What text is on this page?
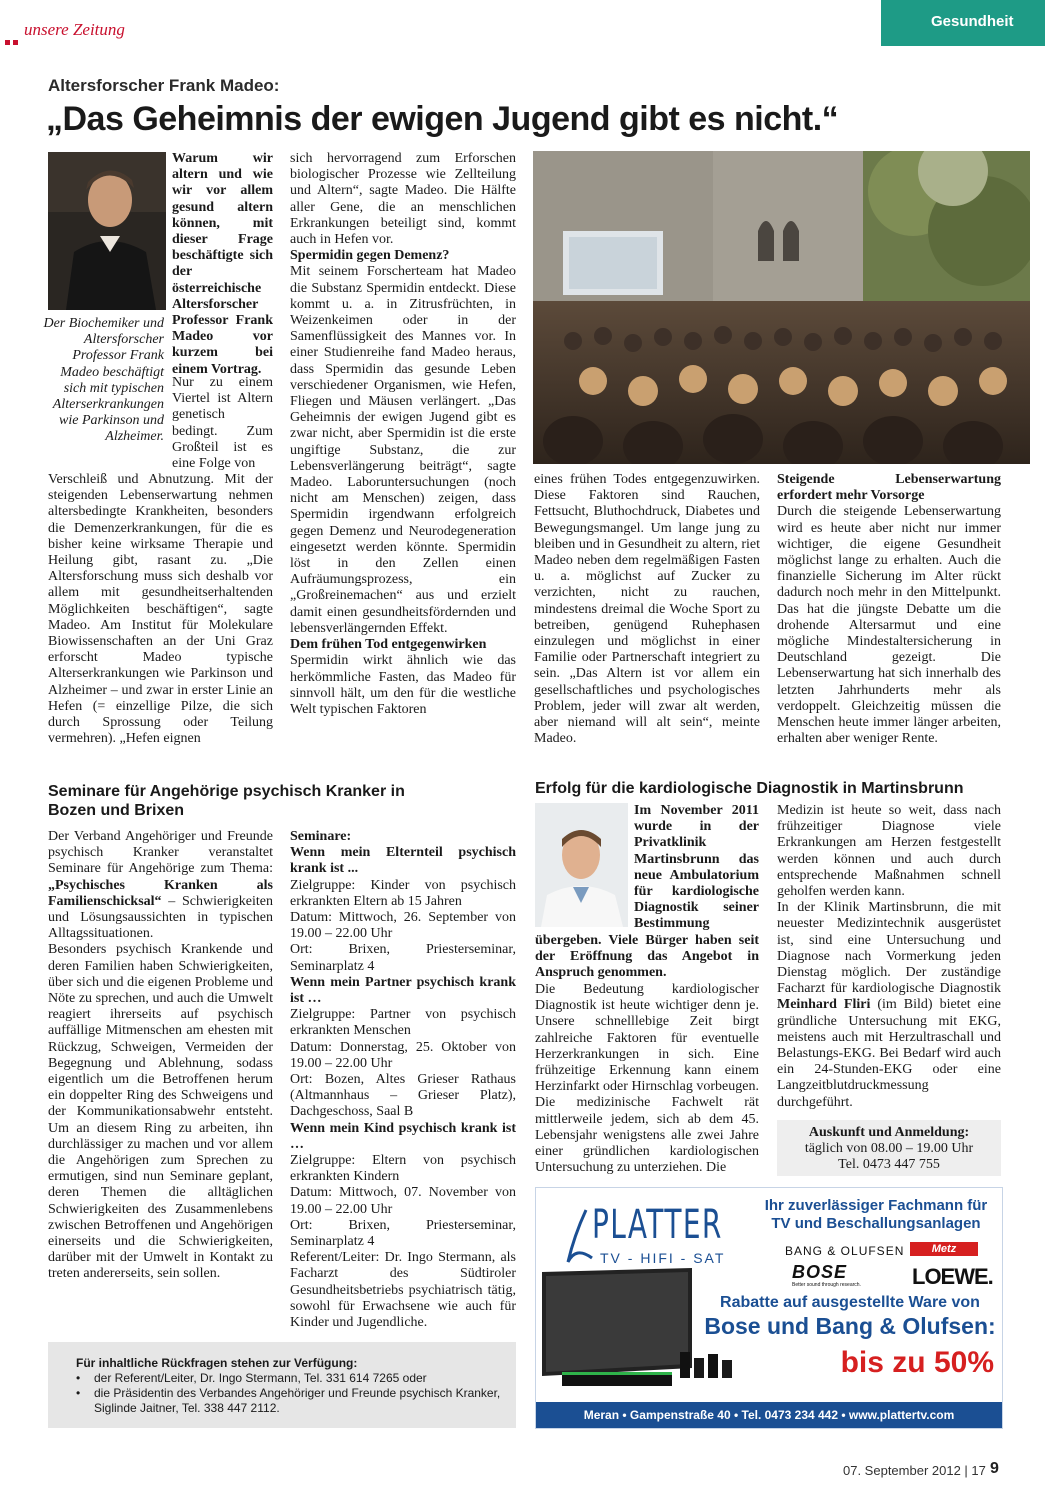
unsere Zeitung	Gesundheit
Altersforscher Frank Madeo:
„Das Geheimnis der ewigen Jugend gibt es nicht.“
Der Biochemiker und Altersforscher Professor Frank Madeo beschäftigt sich mit typischen Alterserkrankungen wie Parkinson und Alzheimer.
Warum wir altern und wie wir vor allem gesund altern können, mit dieser Frage beschäftigte sich der österreichische Altersforscher Professor Frank Madeo vor kurzem bei einem Vortrag.
Nur zu einem Viertel ist Altern genetisch bedingt. Zum Großteil ist es eine Folge von
Verschleiß und Abnutzung. Mit der steigenden Lebenserwartung nehmen altersbedingte Krankheiten, besonders die Demenzerkrankungen, für die es bisher keine wirksame Therapie und Heilung gibt, rasant zu. „Die Altersforschung muss sich deshalb vor allem mit gesundheitserhaltenden Möglichkeiten beschäftigen“, sagte Madeo. Am Institut für Molekulare Biowissenschaften an der Uni Graz erforscht Madeo typische Alterserkrankungen wie Parkinson und Alzheimer – und zwar in erster Linie an Hefen (= einzellige Pilze, die sich durch Sprossung oder Teilung vermehren). „Hefen eignen

sich hervorragend zum Erforschen biologischer Prozesse wie Zellteilung und Altern“, sagte Madeo. Die Hälfte aller Gene, die an menschlichen Erkrankungen beteiligt sind, kommt auch in Hefen vor.

Spermidin gegen Demenz?

Mit seinem Forscherteam hat Madeo die Substanz Spermidin entdeckt. Diese kommt u. a. in Zitrusfrüchten, in Weizenkeimen oder in der Samenflüssigkeit des Mannes vor. In einer Studienreihe fand Madeo heraus, dass Spermidin das gesunde Leben verschiedener Organismen, wie Hefen, Fliegen und Mäusen verlängert. „Das Geheimnis der ewigen Jugend gibt es zwar nicht, aber Spermidin ist die erste ungiftige Substanz, die zur Lebensverlängerung beiträgt“, sagte Madeo. Laboruntersuchungen (noch nicht am Menschen) zeigen, dass Spermidin irgendwann erfolgreich gegen Demenz und Neurodegeneration eingesetzt werden könnte. Spermidin löst in den Zellen einen Aufräumungsprozess, ein „Großreinemachen“ aus und erzielt damit einen gesundheitsfördernden und lebensverlängernden Effekt.

Dem frühen Tod entgegenwirken

Spermidin wirkt ähnlich wie das herkömmliche Fasten, das Madeo für sinnvoll hält, um den für die westliche Welt typischen Faktoren

eines frühen Todes entgegenzuwirken. Diese Faktoren sind Rauchen, Fettsucht, Bluthochdruck, Diabetes und Bewegungsmangel. Um lange jung zu bleiben und in Gesundheit zu altern, riet Madeo neben dem regelmäßigen Fasten u. a. möglichst auf Zucker zu verzichten, nicht zu rauchen, mindestens dreimal die Woche Sport zu betreiben, genügend Ruhephasen einzulegen und möglichst in einer Familie oder Partnerschaft integriert zu sein. „Das Altern ist vor allem ein gesellschaftliches und psychologisches Problem, jeder will zwar alt werden, aber niemand will alt sein“, meinte Madeo.

Steigende Lebenserwartung erfordert mehr Vorsorge

Durch die steigende Lebenserwartung wird es heute aber nicht nur immer wichtiger, die eigene Gesundheit möglichst lange zu erhalten. Auch die finanzielle Sicherung im Alter rückt dadurch noch mehr in den Mittelpunkt. Das hat die jüngste Debatte um die drohende Altersarmut und eine mögliche Mindestaltersicherung in Deutschland gezeigt. Die Lebenserwartung hat sich innerhalb des letzten Jahrhunderts mehr als verdoppelt. Gleichzeitig müssen die Menschen heute immer länger arbeiten, erhalten aber weniger Rente.

Seminare für Angehörige psychisch Kranker in Bozen und Brixen

Der Verband Angehöriger und Freunde psychisch Kranker veranstaltet Seminare für Angehörige zum Thema: „Psychisches Kranken als Familienschicksal“ – Schwierigkeiten und Lösungsaussichten in typischen Alltagssituationen.

Besonders psychisch Krankende und deren Familien haben Schwierigkeiten, über sich und die eigenen Probleme und Nöte zu sprechen, und auch die Umwelt reagiert ihrerseits auf psychisch auffällige Mitmenschen am ehesten mit Rückzug, Schweigen, Vermeiden der Begegnung und Ablehnung, sodass eigentlich um die Betroffenen herum ein doppelter Ring des Schweigens und der Kommunikationsabwehr entsteht. Um an diesem Ring zu arbeiten, ihn durchlässiger zu machen und vor allem die Angehörigen zum Sprechen zu ermutigen, sind nun Seminare geplant, deren Themen die alltäglichen Schwierigkeiten des Zusammenlebens zwischen Betroffenen und Angehörigen einerseits und die Schwierigkeiten, darüber mit der Umwelt in Kontakt zu treten andererseits, sein sollen.

Seminare:

Wenn mein Elternteil psychisch krank ist ...

Zielgruppe: Kinder von psychisch erkrankten Eltern ab 15 Jahren

Datum: Mittwoch, 26. September von 19.00 – 22.00 Uhr

Ort: Brixen, Priesterseminar, Seminarplatz 4

Wenn mein Partner psychisch krank ist …

Zielgruppe: Partner von psychisch erkrankten Menschen

Datum: Donnerstag, 25. Oktober von 19.00 – 22.00 Uhr

Ort: Bozen, Altes Grieser Rathaus (Altmannhaus – Grieser Platz), Dachgeschoss, Saal B

Wenn mein Kind psychisch krank ist …

Zielgruppe: Eltern von psychisch erkrankten Kindern

Datum: Mittwoch, 07. November von 19.00 – 22.00 Uhr

Ort: Brixen, Priesterseminar, Seminarplatz 4

Referent/Leiter: Dr. Ingo Stermann, als Facharzt des Südtiroler Gesundheitsbetriebs psychiatrisch tätig, sowohl für Erwachsene wie auch für Kinder und Jugendliche.

Für inhaltliche Rückfragen stehen zur Verfügung:
•	der Referent/Leiter, Dr. Ingo Stermann, Tel. 331 614 7265 oder
•	die Präsidentin des Verbandes Angehöriger und Freunde psychisch Kranker, Siglinde Jaitner, Tel. 338 447 2112.
Erfolg für die kardiologische Diagnostik in Martinsbrunn
Im November 2011 wurde in der Privatklinik Martinsbrunn das neue Ambulatorium für kardiologische Diagnostik seiner Bestimmung übergeben. Viele Bürger haben seit der Eröffnung das Angebot in Anspruch genommen.
Die Bedeutung kardiologischer Diagnostik ist heute wichtiger denn je. Unsere schnelllebige Zeit birgt zahlreiche Faktoren für eventuelle Herzerkrankungen in sich. Eine frühzeitige Erkennung kann einem Herzinfarkt oder Hirnschlag vorbeugen. Die medizinische Fachwelt rät mittlerweile jedem, sich ab dem 45. Lebensjahr wenigstens alle zwei Jahre einer gründlichen kardiologischen Untersuchung zu unterziehen. Die

Medizin ist heute so weit, dass nach frühzeitiger Diagnose viele Erkrankungen am Herzen festgestellt werden können und auch durch entsprechende Maßnahmen schnell geholfen werden kann.

In der Klinik Martinsbrunn, die mit neuester Medizintechnik ausgerüstet ist, sind eine Untersuchung und Diagnose nach Vormerkung jeden Dienstag möglich. Der zuständige Facharzt für kardiologische Diagnostik Meinhard Fliri (im Bild) bietet eine gründliche Untersuchung mit EKG, meistens auch mit Herzultraschall und Belastungs-EKG. Bei Bedarf wird auch ein 24-Stunden-EKG oder eine Langzeitblutdruckmessung durchgeführt.

Auskunft und Anmeldung:
täglich von 08.00 – 19.00 Uhr
Tel. 0473 447 755
PLATTER
TV - HIFI - SAT
Ihr zuverlässiger Fachmann für
TV und Beschallungsanlagen
BANG & OLUFSEN	Metz
BOSE
Better sound through research. LOEWE.
Rabatte auf ausgestellte Ware von
Bose und Bang & Olufsen:
bis zu 50%
Meran • Gampenstraße 40 • Tel. 0473 234 442 • www.plattertv.com
07. September 2012 | 17 9
